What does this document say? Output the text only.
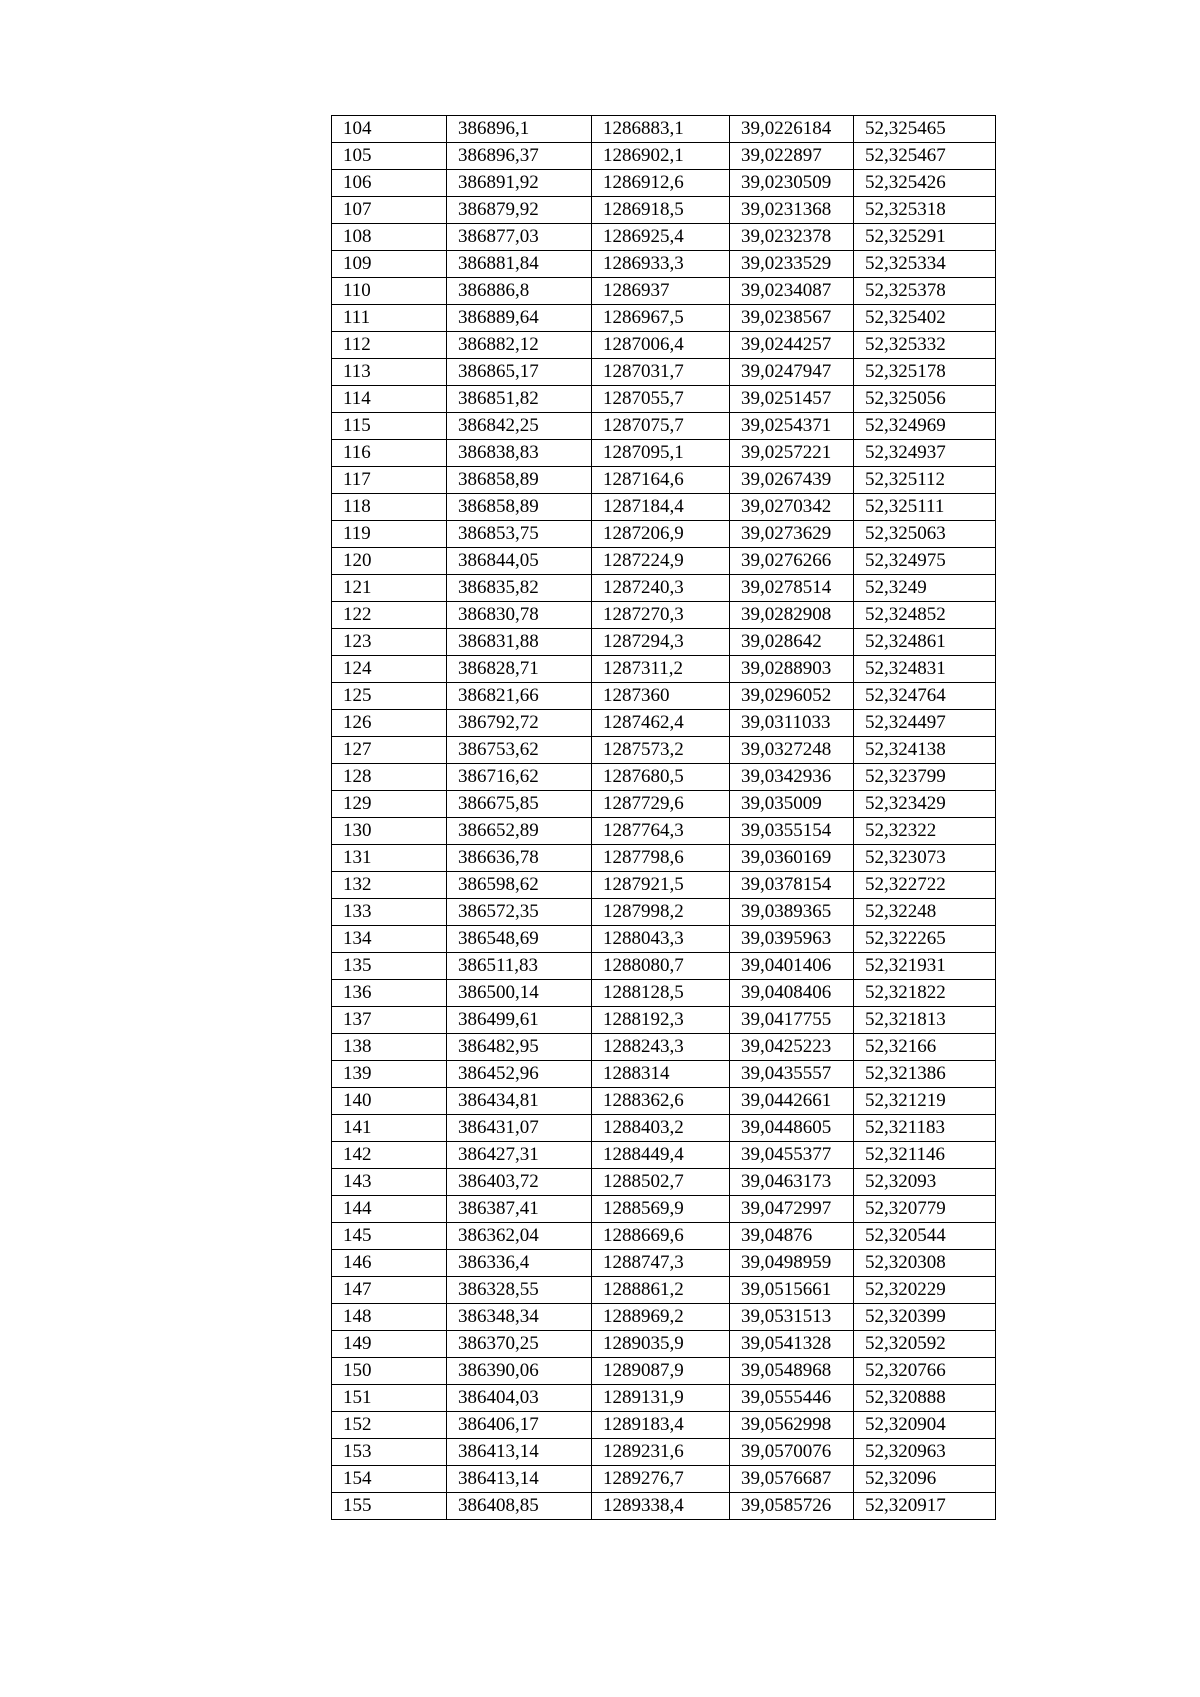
104	386896,1	1286883,1	39,0226184	52,325465
105	386896,37	1286902,1	39,022897	52,325467
106	386891,92	1286912,6	39,0230509	52,325426
107	386879,92	1286918,5	39,0231368	52,325318
108	386877,03	1286925,4	39,0232378	52,325291
109	386881,84	1286933,3	39,0233529	52,325334
110	386886,8	1286937	39,0234087	52,325378
111	386889,64	1286967,5	39,0238567	52,325402
112	386882,12	1287006,4	39,0244257	52,325332
113	386865,17	1287031,7	39,0247947	52,325178
114	386851,82	1287055,7	39,0251457	52,325056
115	386842,25	1287075,7	39,0254371	52,324969
116	386838,83	1287095,1	39,0257221	52,324937
117	386858,89	1287164,6	39,0267439	52,325112
118	386858,89	1287184,4	39,0270342	52,325111
119	386853,75	1287206,9	39,0273629	52,325063
120	386844,05	1287224,9	39,0276266	52,324975
121	386835,82	1287240,3	39,0278514	52,3249
122	386830,78	1287270,3	39,0282908	52,324852
123	386831,88	1287294,3	39,028642	52,324861
124	386828,71	1287311,2	39,0288903	52,324831
125	386821,66	1287360	39,0296052	52,324764
126	386792,72	1287462,4	39,0311033	52,324497
127	386753,62	1287573,2	39,0327248	52,324138
128	386716,62	1287680,5	39,0342936	52,323799
129	386675,85	1287729,6	39,035009	52,323429
130	386652,89	1287764,3	39,0355154	52,32322
131	386636,78	1287798,6	39,0360169	52,323073
132	386598,62	1287921,5	39,0378154	52,322722
133	386572,35	1287998,2	39,0389365	52,32248
134	386548,69	1288043,3	39,0395963	52,322265
135	386511,83	1288080,7	39,0401406	52,321931
136	386500,14	1288128,5	39,0408406	52,321822
137	386499,61	1288192,3	39,0417755	52,321813
138	386482,95	1288243,3	39,0425223	52,32166
139	386452,96	1288314	39,0435557	52,321386
140	386434,81	1288362,6	39,0442661	52,321219
141	386431,07	1288403,2	39,0448605	52,321183
142	386427,31	1288449,4	39,0455377	52,321146
143	386403,72	1288502,7	39,0463173	52,32093
144	386387,41	1288569,9	39,0472997	52,320779
145	386362,04	1288669,6	39,04876	52,320544
146	386336,4	1288747,3	39,0498959	52,320308
147	386328,55	1288861,2	39,0515661	52,320229
148	386348,34	1288969,2	39,0531513	52,320399
149	386370,25	1289035,9	39,0541328	52,320592
150	386390,06	1289087,9	39,0548968	52,320766
151	386404,03	1289131,9	39,0555446	52,320888
152	386406,17	1289183,4	39,0562998	52,320904
153	386413,14	1289231,6	39,0570076	52,320963
154	386413,14	1289276,7	39,0576687	52,32096
155	386408,85	1289338,4	39,0585726	52,320917
